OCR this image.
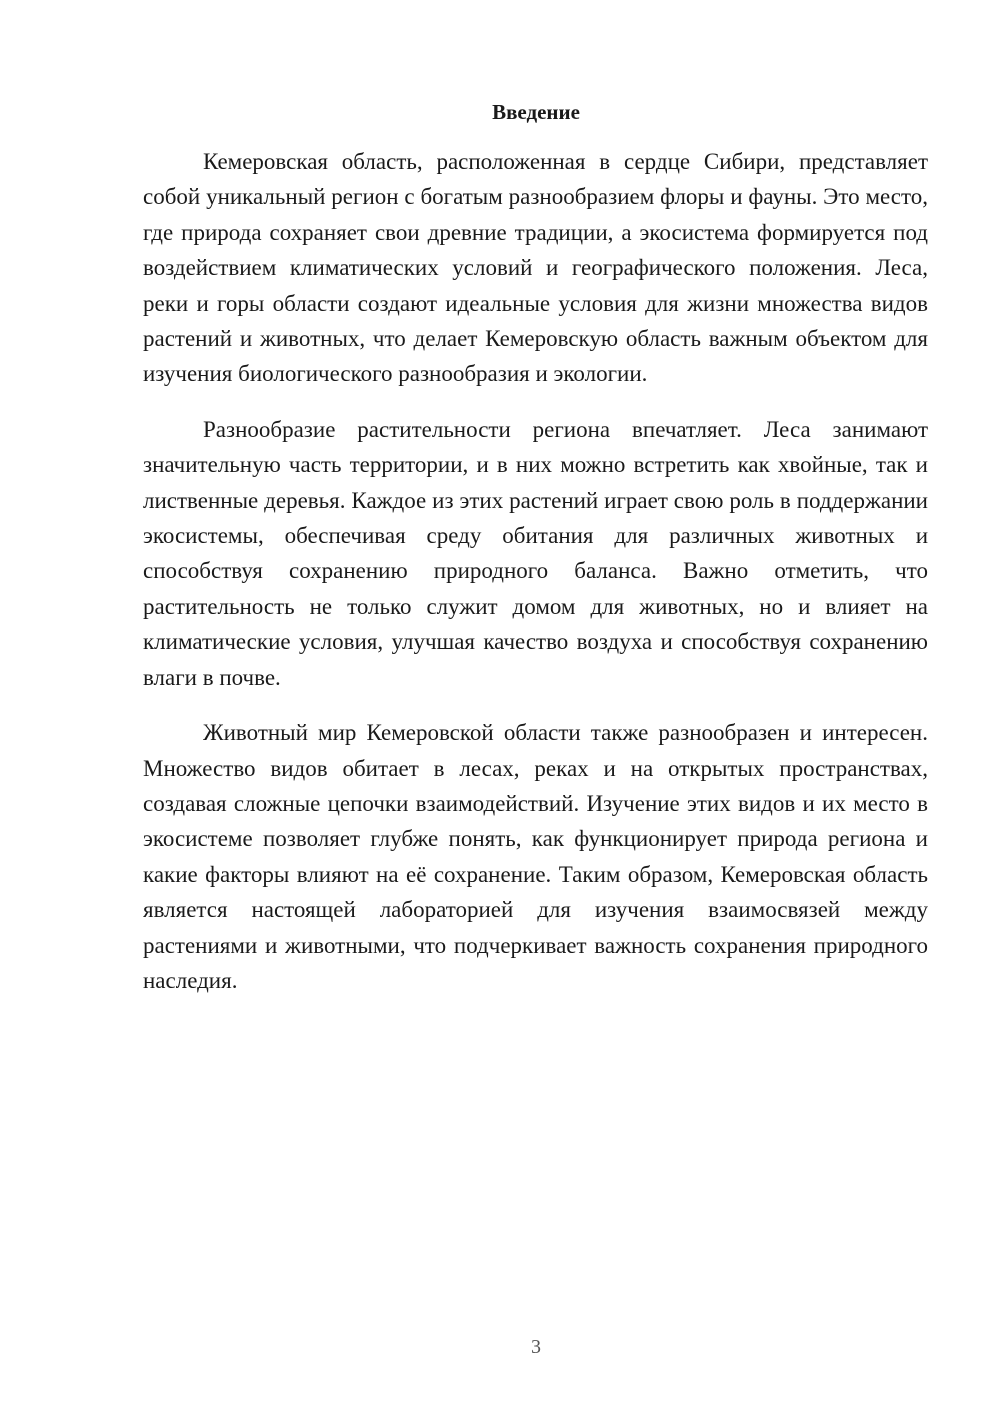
Введение

Кемеровская область, расположенная в сердце Сибири, представляет собой уникальный регион с богатым разнообразием флоры и фауны. Это место, где природа сохраняет свои древние традиции, а экосистема формируется под воздействием климатических условий и географического положения. Леса, реки и горы области создают идеальные условия для жизни множества видов растений и животных, что делает Кемеровскую область важным объектом для изучения биологического разнообразия и экологии.

Разнообразие растительности региона впечатляет. Леса занимают значительную часть территории, и в них можно встретить как хвойные, так и лиственные деревья. Каждое из этих растений играет свою роль в поддержании экосистемы, обеспечивая среду обитания для различных животных и способствуя сохранению природного баланса. Важно отметить, что растительность не только служит домом для животных, но и влияет на климатические условия, улучшая качество воздуха и способствуя сохранению влаги в почве.

Животный мир Кемеровской области также разнообразен и интересен. Множество видов обитает в лесах, реках и на открытых пространствах, создавая сложные цепочки взаимодействий. Изучение этих видов и их место в экосистеме позволяет глубже понять, как функционирует природа региона и какие факторы влияют на её сохранение. Таким образом, Кемеровская область является настоящей лабораторией для изучения взаимосвязей между растениями и животными, что подчеркивает важность сохранения природного наследия.

3
